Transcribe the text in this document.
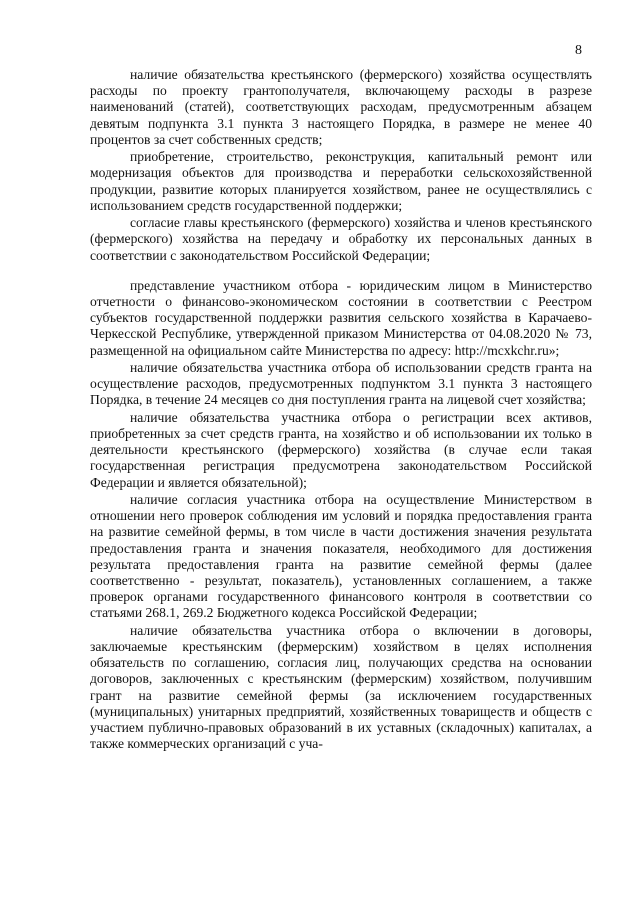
8

наличие обязательства крестьянского (фермерского) хозяйства осуществлять расходы по проекту грантополучателя, включающему расходы в разрезе наименований (статей), соответствующих расходам, предусмотренным абзацем девятым подпункта 3.1 пункта 3 настоящего Порядка, в размере не менее 40 процентов за счет собственных средств;

приобретение, строительство, реконструкция, капитальный ремонт или модернизация объектов для производства и переработки сельскохозяйственной продукции, развитие которых планируется хозяйством, ранее не осуществлялись с использованием средств государственной поддержки;

согласие главы крестьянского (фермерского) хозяйства и членов крестьянского (фермерского) хозяйства на передачу и обработку их персональных данных в соответствии с законодательством Российской Федерации;

представление участником отбора - юридическим лицом в Министерство отчетности о финансово-экономическом состоянии в соответствии с Реестром субъектов государственной поддержки развития сельского хозяйства в Карачаево-Черкесской Республике, утвержденной приказом Министерства от 04.08.2020 № 73, размещенной на официальном сайте Министерства по адресу: http://mcxkchr.ru»;

наличие обязательства участника отбора об использовании средств гранта на осуществление расходов, предусмотренных подпунктом 3.1 пункта 3 настоящего Порядка, в течение 24 месяцев со дня поступления гранта на лицевой счет хозяйства;

наличие обязательства участника отбора о регистрации всех активов, приобретенных за счет средств гранта, на хозяйство и об использовании их только в деятельности крестьянского (фермерского) хозяйства (в случае если такая государственная регистрация предусмотрена законодательством Российской Федерации и является обязательной);

наличие согласия участника отбора на осуществление Министерством в отношении него проверок соблюдения им условий и порядка предоставления гранта на развитие семейной фермы, в том числе в части достижения значения результата предоставления гранта и значения показателя, необходимого для достижения результата предоставления гранта на развитие семейной фермы (далее соответственно - результат, показатель), установленных соглашением, а также проверок органами государственного финансового контроля в соответствии со статьями 268.1, 269.2 Бюджетного кодекса Российской Федерации;

наличие обязательства участника отбора о включении в договоры, заключаемые крестьянским (фермерским) хозяйством в целях исполнения обязательств по соглашению, согласия лиц, получающих средства на основании договоров, заключенных с крестьянским (фермерским) хозяйством, получившим грант на развитие семейной фермы (за исключением государственных (муниципальных) унитарных предприятий, хозяйственных товариществ и обществ с участием публично-правовых образований в их уставных (складочных) капиталах, а также коммерческих организаций с уча-
